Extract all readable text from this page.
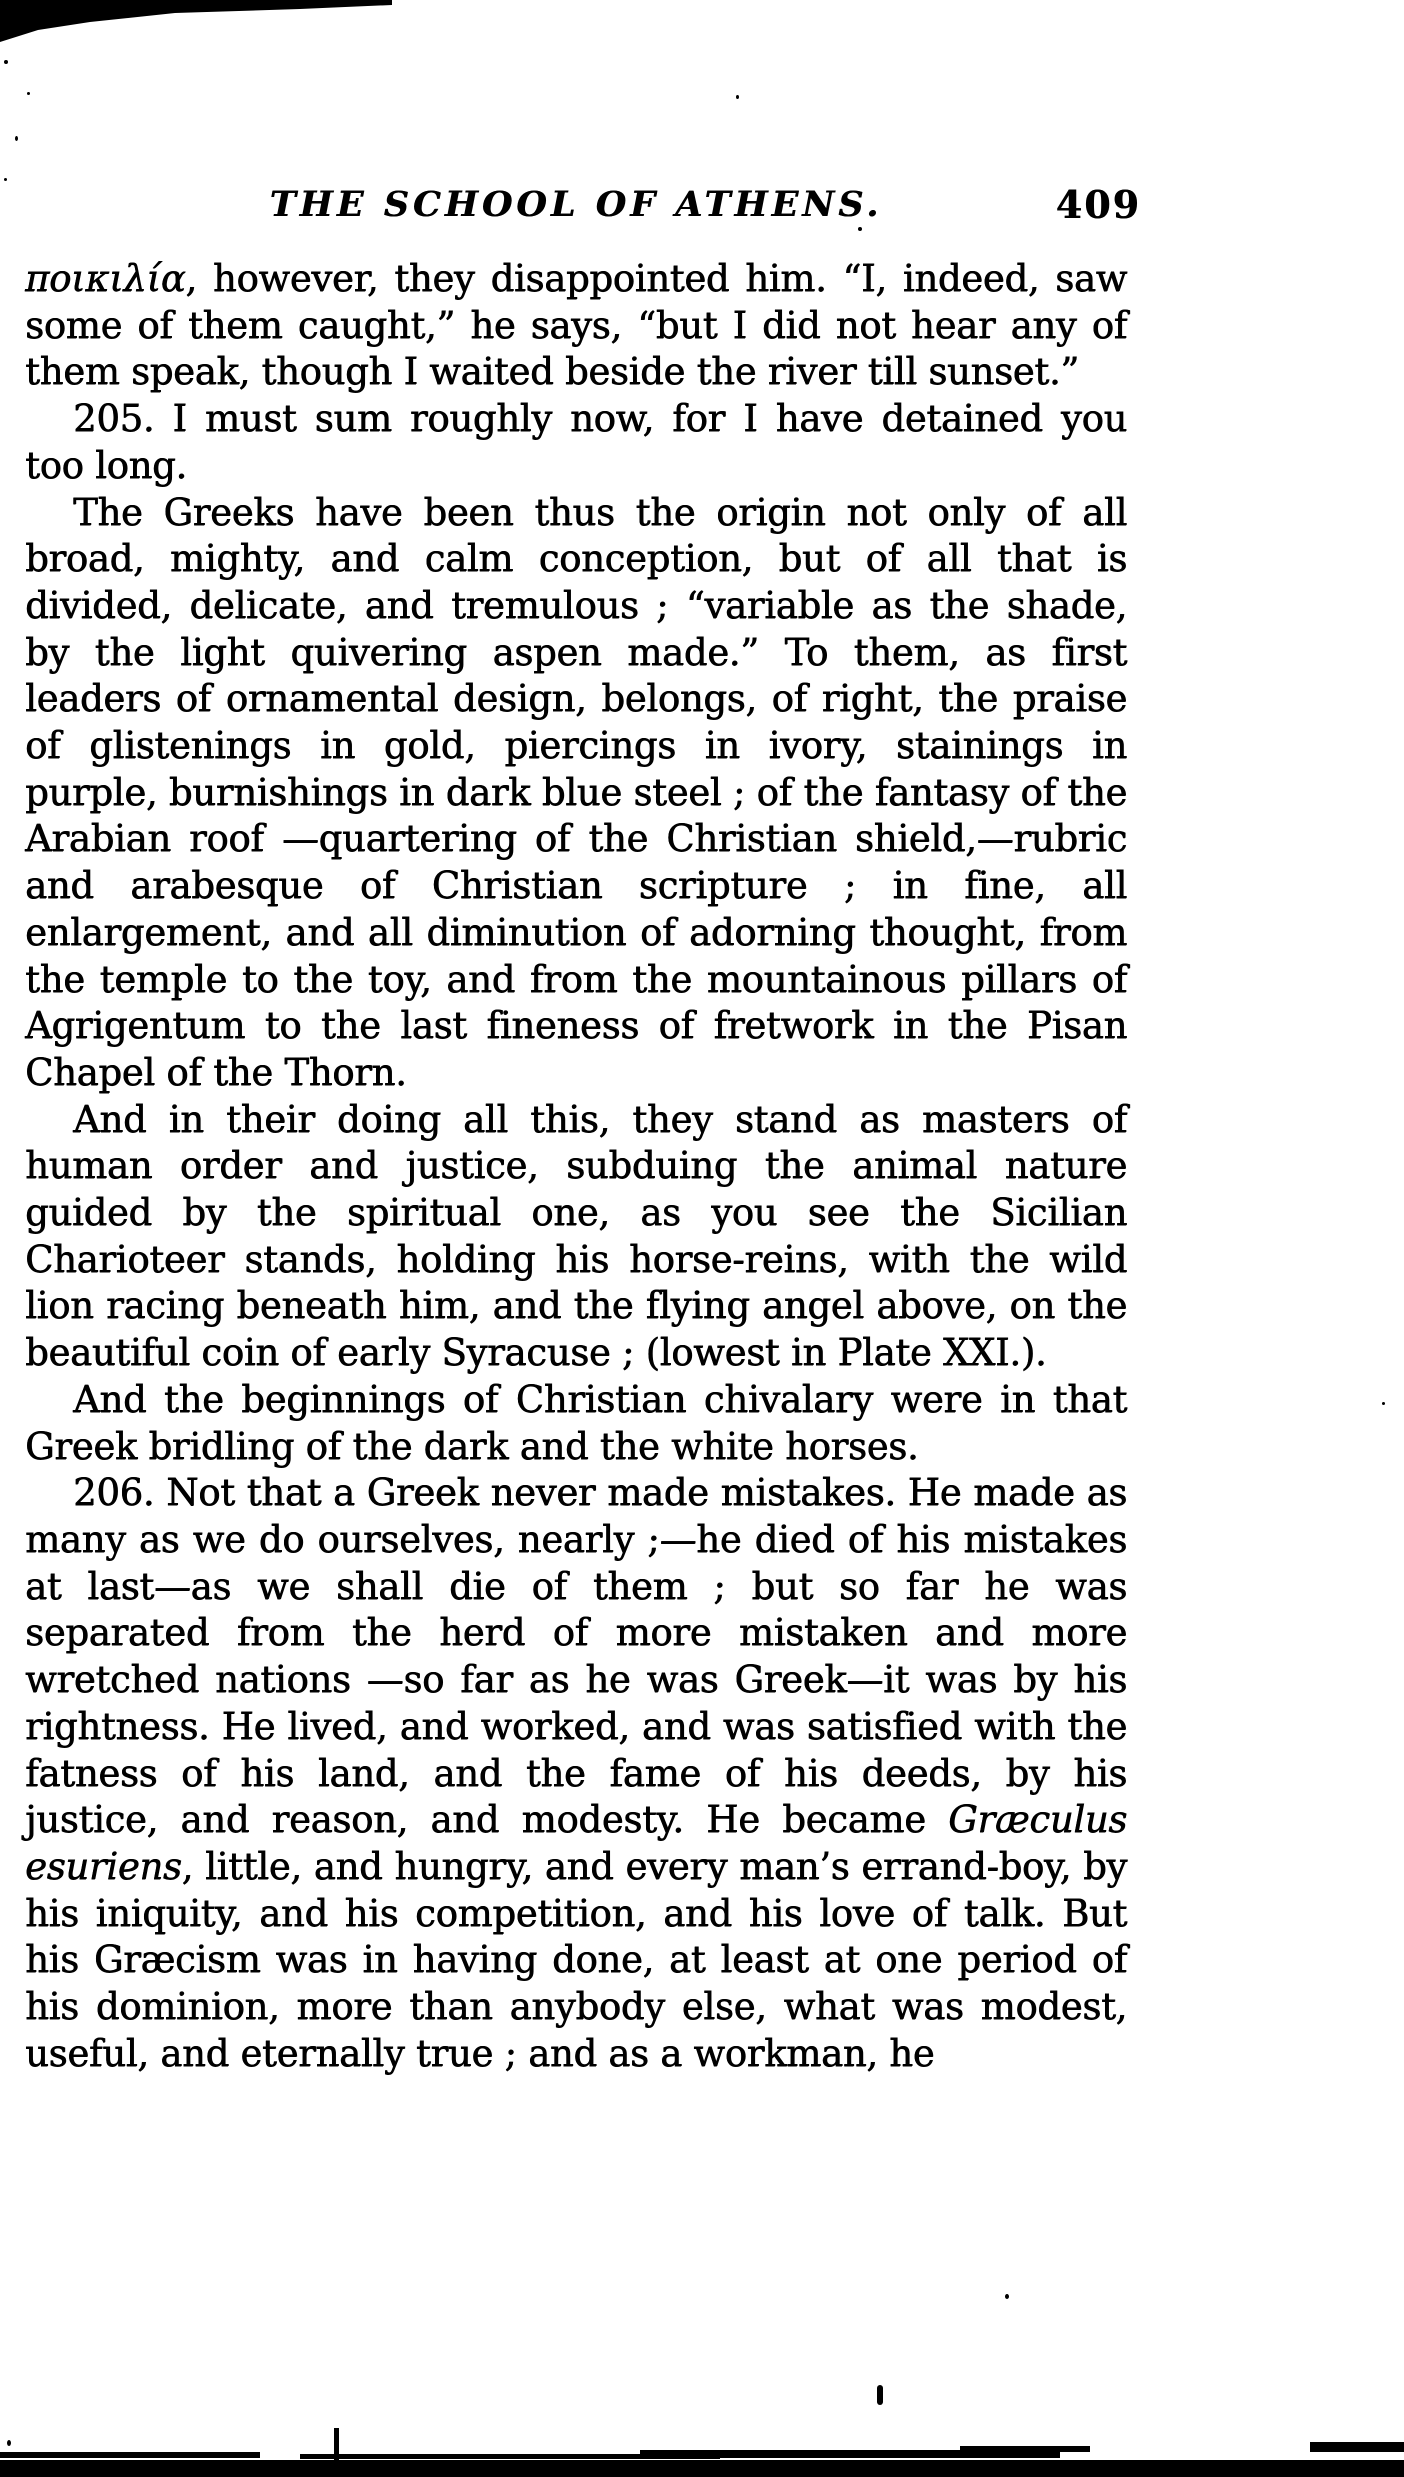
THE SCHOOL OF ATHENS.	409

ποικιλία, however, they disappointed him. “I, indeed, saw some of them caught,” he says, “but I did not hear any of them speak, though I waited beside the river till sunset.”

205. I must sum roughly now, for I have detained you too long.

The Greeks have been thus the origin not only of all broad, mighty, and calm conception, but of all that is divided, delicate, and tremulous ; “variable as the shade, by the light quivering aspen made.” To them, as first leaders of ornamental design, belongs, of right, the praise of glistenings in gold, piercings in ivory, stainings in purple, burnishings in dark blue steel ; of the fantasy of the Arabian roof —quartering of the Christian shield,—rubric and arabesque of Christian scripture ; in fine, all enlargement, and all diminution of adorning thought, from the temple to the toy, and from the mountainous pillars of Agrigentum to the last fineness of fretwork in the Pisan Chapel of the Thorn.

And in their doing all this, they stand as masters of human order and justice, subduing the animal nature guided by the spiritual one, as you see the Sicilian Charioteer stands, holding his horse-reins, with the wild lion racing beneath him, and the flying angel above, on the beautiful coin of early Syracuse ; (lowest in Plate XXI.).

And the beginnings of Christian chivalary were in that Greek bridling of the dark and the white horses.

206. Not that a Greek never made mistakes. He made as many as we do ourselves, nearly ;—he died of his mistakes at last—as we shall die of them ; but so far he was separated from the herd of more mistaken and more wretched nations —so far as he was Greek—it was by his rightness. He lived, and worked, and was satisfied with the fatness of his land, and the fame of his deeds, by his justice, and reason, and modesty. He became Græculus esuriens, little, and hungry, and every man’s errand-boy, by his iniquity, and his competition, and his love of talk. But his Græcism was in having done, at least at one period of his dominion, more than anybody else, what was modest, useful, and eternally true ; and as a workman, he
